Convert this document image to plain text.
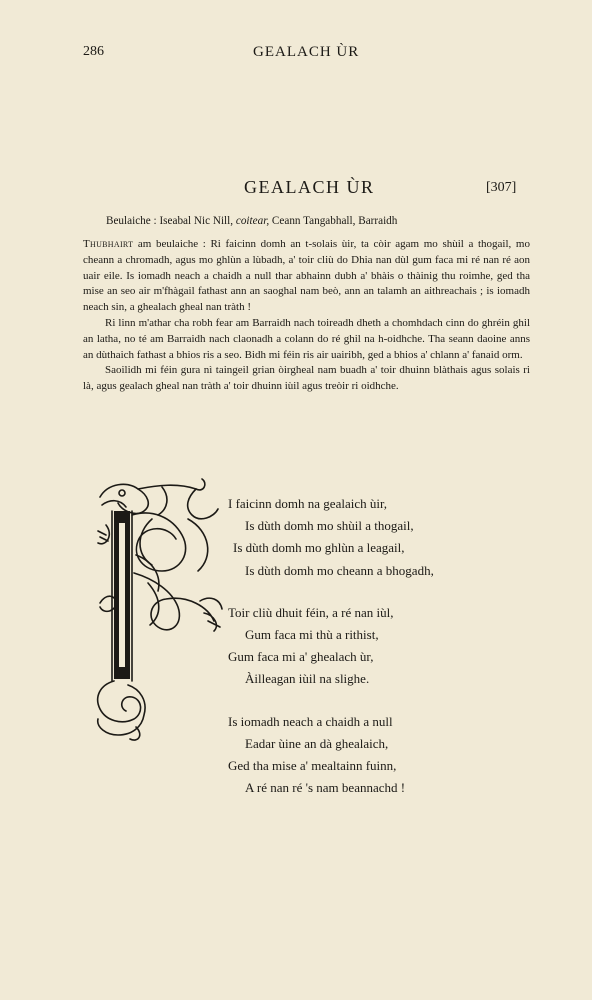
286	GEALACH ÙR
GEALACH ÙR	[307]
Beulaiche : Iseabal Nic Nill, coitear, Ceann Tangabhall, Barraidh

Thubhairt am beulaiche : Ri faicinn domh an t-solais ùir, ta còir agam mo shùil a thogail, mo cheann a chromadh, agus mo ghlùn a lùbadh, a' toir cliù do Dhia nan dùl gum faca mi ré nan ré aon uair eile. Is iomadh neach a chaidh a null thar abhainn dubh a' bhàis o thàinig thu roimhe, ged tha mise an seo air m'fhàgail fathast ann an saoghal nam beò, ann an talamh an aithreachais ; is iomadh neach sin, a ghealach gheal nan tràth !

Ri linn m'athar cha robh fear am Barraidh nach toireadh dheth a chomhdach cinn do ghréin ghil an latha, no té am Barraidh nach claonadh a colann do ré ghil na h-oidhche. Tha seann daoine anns an dùthaich fathast a bhios ris a seo. Bidh mi féin ris air uairibh, ged a bhios a' chlann a' fanaid orm.

Saoilidh mi féin gura nì taingeil grian òirgheal nam buadh a' toir dhuinn blàthais agus solais ri là, agus gealach gheal nan tràth a' toir dhuinn iùil agus treòir ri oidhche.

I faicinn domh na gealaich ùir,
Is dùth domh mo shùil a thogail,
Is dùth domh mo ghlùn a leagail,
Is dùth domh mo cheann a bhogadh,
Toir cliù dhuit féin, a ré nan iùl,
Gum faca mi thù a rithist,
Gum faca mi a' ghealach ùr,
Àilleagan iùil na slighe.
Is iomadh neach a chaidh a null
Eadar ùine an dà ghealaich,
Ged tha mise a' mealtainn fuinn,
A ré nan ré 's nam beannachd !
